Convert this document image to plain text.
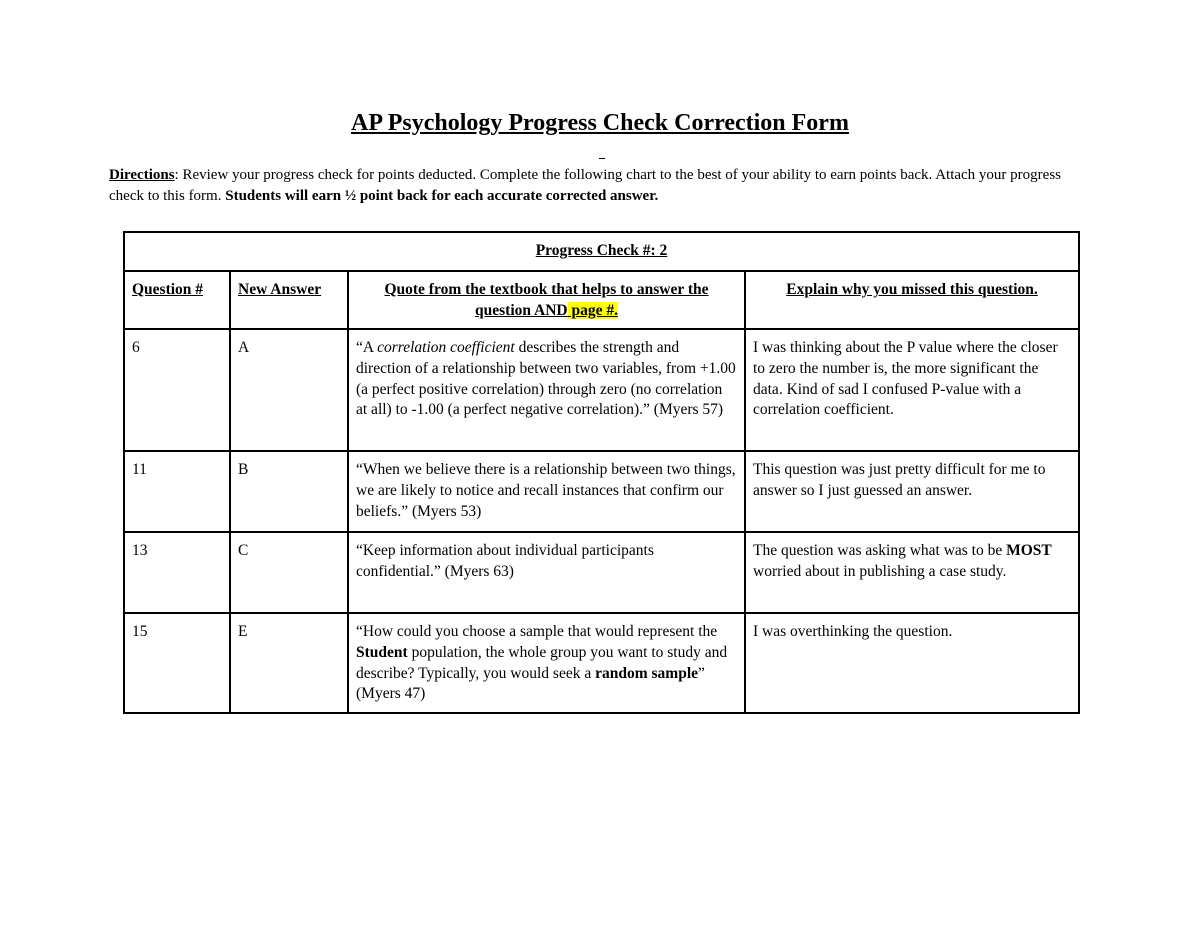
AP Psychology Progress Check Correction Form

Directions: Review your progress check for points deducted. Complete the following chart to the best of your ability to earn points back. Attach your progress check to this form. Students will earn ½ point back for each accurate corrected answer.

Progress Check #: 2			
Question #	New Answer	Quote from the textbook that helps to answer the question AND page #.	Explain why you missed this question.
6	A	“A correlation coefficient describes the strength and direction of a relationship between two variables, from +1.00 (a perfect positive correlation) through zero (no correlation at all) to -1.00 (a perfect negative correlation).” (Myers 57)	I was thinking about the P value where the closer to zero the number is, the more significant the data. Kind of sad I confused P-value with a correlation coefficient.
11	B	“When we believe there is a relationship between two things, we are likely to notice and recall instances that confirm our beliefs.” (Myers 53)	This question was just pretty difficult for me to answer so I just guessed an answer.
13	C	“Keep information about individual participants confidential.” (Myers 63)	The question was asking what was to be MOST worried about in publishing a case study.
15	E	“How could you choose a sample that would represent the Student population, the whole group you want to study and describe? Typically, you would seek a random sample” (Myers 47)	I was overthinking the question.
